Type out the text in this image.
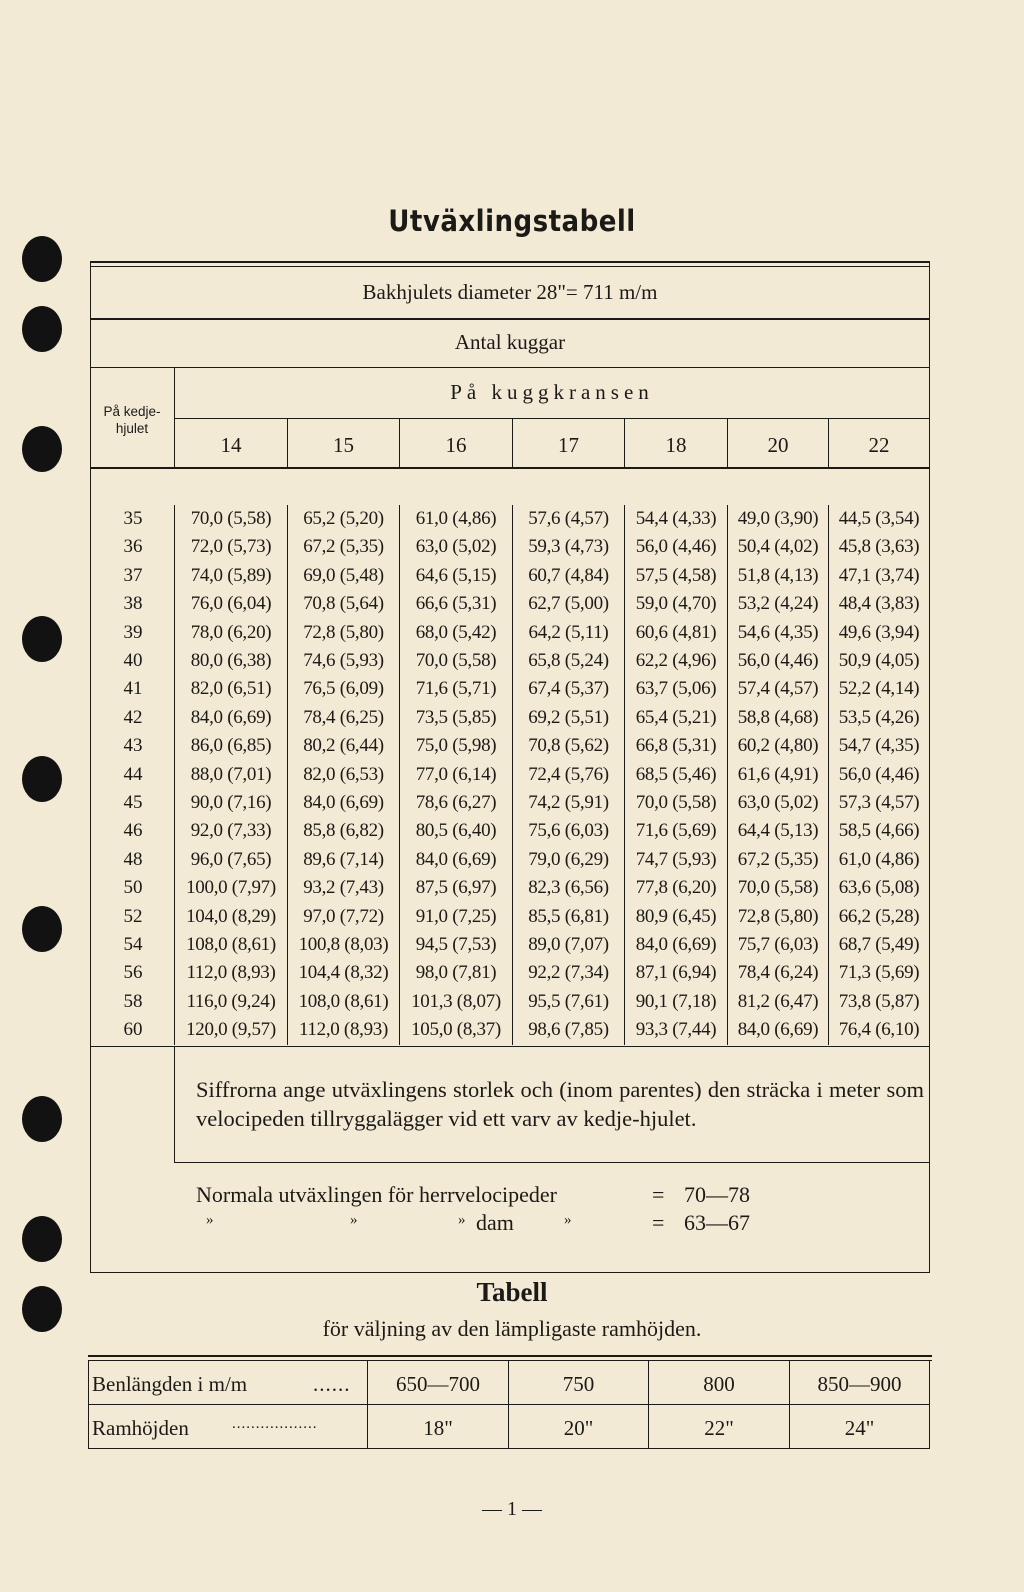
Utväxlingstabell
Bakhjulets diameter 28"= 711 m/m
Antal kuggar
På kedje-hjulet
På kuggkransen
14	15	16	17	18	20	22
35	70,0 (5,58)	65,2 (5,20)	61,0 (4,86)	57,6 (4,57)	54,4 (4,33)	49,0 (3,90)	44,5 (3,54)
36	72,0 (5,73)	67,2 (5,35)	63,0 (5,02)	59,3 (4,73)	56,0 (4,46)	50,4 (4,02)	45,8 (3,63)
37	74,0 (5,89)	69,0 (5,48)	64,6 (5,15)	60,7 (4,84)	57,5 (4,58)	51,8 (4,13)	47,1 (3,74)
38	76,0 (6,04)	70,8 (5,64)	66,6 (5,31)	62,7 (5,00)	59,0 (4,70)	53,2 (4,24)	48,4 (3,83)
39	78,0 (6,20)	72,8 (5,80)	68,0 (5,42)	64,2 (5,11)	60,6 (4,81)	54,6 (4,35)	49,6 (3,94)
40	80,0 (6,38)	74,6 (5,93)	70,0 (5,58)	65,8 (5,24)	62,2 (4,96)	56,0 (4,46)	50,9 (4,05)
41	82,0 (6,51)	76,5 (6,09)	71,6 (5,71)	67,4 (5,37)	63,7 (5,06)	57,4 (4,57)	52,2 (4,14)
42	84,0 (6,69)	78,4 (6,25)	73,5 (5,85)	69,2 (5,51)	65,4 (5,21)	58,8 (4,68)	53,5 (4,26)
43	86,0 (6,85)	80,2 (6,44)	75,0 (5,98)	70,8 (5,62)	66,8 (5,31)	60,2 (4,80)	54,7 (4,35)
44	88,0 (7,01)	82,0 (6,53)	77,0 (6,14)	72,4 (5,76)	68,5 (5,46)	61,6 (4,91)	56,0 (4,46)
45	90,0 (7,16)	84,0 (6,69)	78,6 (6,27)	74,2 (5,91)	70,0 (5,58)	63,0 (5,02)	57,3 (4,57)
46	92,0 (7,33)	85,8 (6,82)	80,5 (6,40)	75,6 (6,03)	71,6 (5,69)	64,4 (5,13)	58,5 (4,66)
48	96,0 (7,65)	89,6 (7,14)	84,0 (6,69)	79,0 (6,29)	74,7 (5,93)	67,2 (5,35)	61,0 (4,86)
50	100,0 (7,97)	93,2 (7,43)	87,5 (6,97)	82,3 (6,56)	77,8 (6,20)	70,0 (5,58)	63,6 (5,08)
52	104,0 (8,29)	97,0 (7,72)	91,0 (7,25)	85,5 (6,81)	80,9 (6,45)	72,8 (5,80)	66,2 (5,28)
54	108,0 (8,61)	100,8 (8,03)	94,5 (7,53)	89,0 (7,07)	84,0 (6,69)	75,7 (6,03)	68,7 (5,49)
56	112,0 (8,93)	104,4 (8,32)	98,0 (7,81)	92,2 (7,34)	87,1 (6,94)	78,4 (6,24)	71,3 (5,69)
58	116,0 (9,24)	108,0 (8,61)	101,3 (8,07)	95,5 (7,61)	90,1 (7,18)	81,2 (6,47)	73,8 (5,87)
60	120,0 (9,57)	112,0 (8,93)	105,0 (8,37)	98,6 (7,85)	93,3 (7,44)	84,0 (6,69)	76,4 (6,10)
Siffrorna ange utväxlingens storlek och (inom parentes) den sträcka i meter som velocipeden tillryggalägger vid ett varv av kedje-hjulet.
Normala utväxlingen för herrvelocipeder	= 70—78
»	»	» dam	»	= 63—67
Tabell
för väljning av den lämpligaste ramhöjden.
Benlängden i m/m	......	650—700	750	800	850—900
Ramhöjden	..................	18"	20"	22"	24"
— 1 —
